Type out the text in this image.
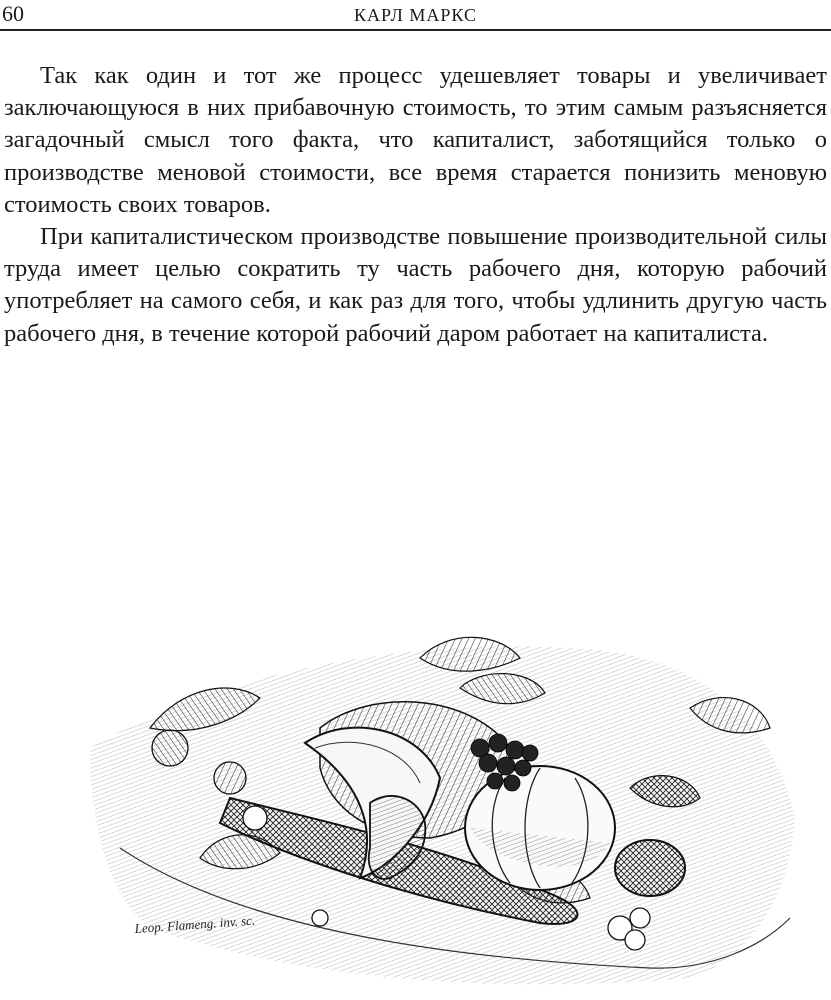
60	КАРЛ МАРКС

Так как один и тот же процесс удешевляет товары и увеличивает заключающуюся в них прибавочную стоимость, то этим самым разъясняется загадочный смысл того факта, что капиталист, заботящийся только о производстве меновой стоимости, все время старается понизить меновую стоимость своих товаров.

При капиталистическом производстве повышение производительной силы труда имеет целью сократить ту часть рабочего дня, которую рабочий употребляет на самого себя, и как раз для того, чтобы удлинить другую часть рабочего дня, в течение которой рабочий даром работает на капиталиста.

Leop. Flameng. inv. sc.
